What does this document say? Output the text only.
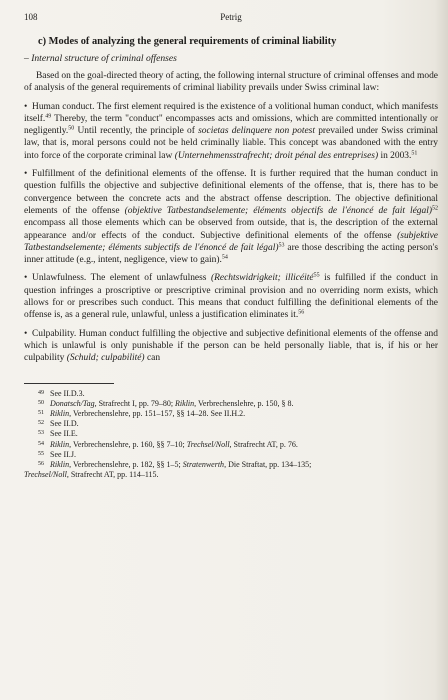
108	Petrig
c) Modes of analyzing the general requirements of criminal liability
– Internal structure of criminal offenses

Based on the goal-directed theory of acting, the following internal structure of criminal offenses and mode of analysis of the general requirements of criminal liability prevails under Swiss criminal law:

• Human conduct. The first element required is the existence of a volitional human conduct, which manifests itself.$^{49}$ Thereby, the term "conduct" encompasses acts and omissions, which are committed intentionally or negligently.$^{50}$ Until recently, the principle of societas delinquere non potest prevailed under Swiss criminal law, that is, moral persons could not be held criminally liable. This concept was abandoned with the entry into force of the corporate criminal law (Unternehmensstrafrecht; droit pénal des entreprises) in 2003.51

• Fulfillment of the definitional elements of the offense. It is further required that the human conduct in question fulfills the objective and subjective definitional elements of the offense, that is, there has to be convergence between the concrete acts and the abstract offense description. The objective definitional elements of the offense (objektive Tatbestandselemente; éléments objectifs de l'énoncé de fait légal)$^{52}$ encompass all those elements which can be observed from outside, that is, the description of the external appearance and/or effects of the conduct. Subjective definitional elements of the offense (subjektive Tatbestandselemente; éléments subjectifs de l'énoncé de fait légal)$^{53}$ are those describing the acting person's inner attitude (e.g., intent, negligence, view to gain).$^{54}$

• Unlawfulness. The element of unlawfulness (Rechtswidrigkeit; illicéité$^{55}$ is fulfilled if the conduct in question infringes a proscriptive or prescriptive criminal provision and no overriding norm exists, which allows for or prescribes such conduct. This means that conduct fulfilling the definitional elements of the offense is, as a general rule, unlawful, unless a justification eliminates it.$^{56}$

• Culpability. Human conduct fulfilling the objective and subjective definitional elements of the offense and which is unlawful is only punishable if the person can be held personally liable, that is, if his or her culpability (Schuld; culpabilité) can

49 See II.D.3.
50 Donatsch/Tag, Strafrecht I, pp. 79–80; Riklin, Verbrechenslehre, p. 150, § 8.
51 Riklin, Verbrechenslehre, pp. 151–157, §§ 14–28. See II.H.2.
52 See II.D.
53 See II.E.
54 Riklin, Verbrechenslehre, p. 160, §§ 7–10; Trechsel/Noll, Strafrecht AT, p. 76.
55 See II.J.
56 Riklin, Verbrechenslehre, p. 182, §§ 1–5; Stratenwerth, Die Straftat, pp. 134–135;
Trechsel/Noll, Strafrecht AT, pp. 114–115.
